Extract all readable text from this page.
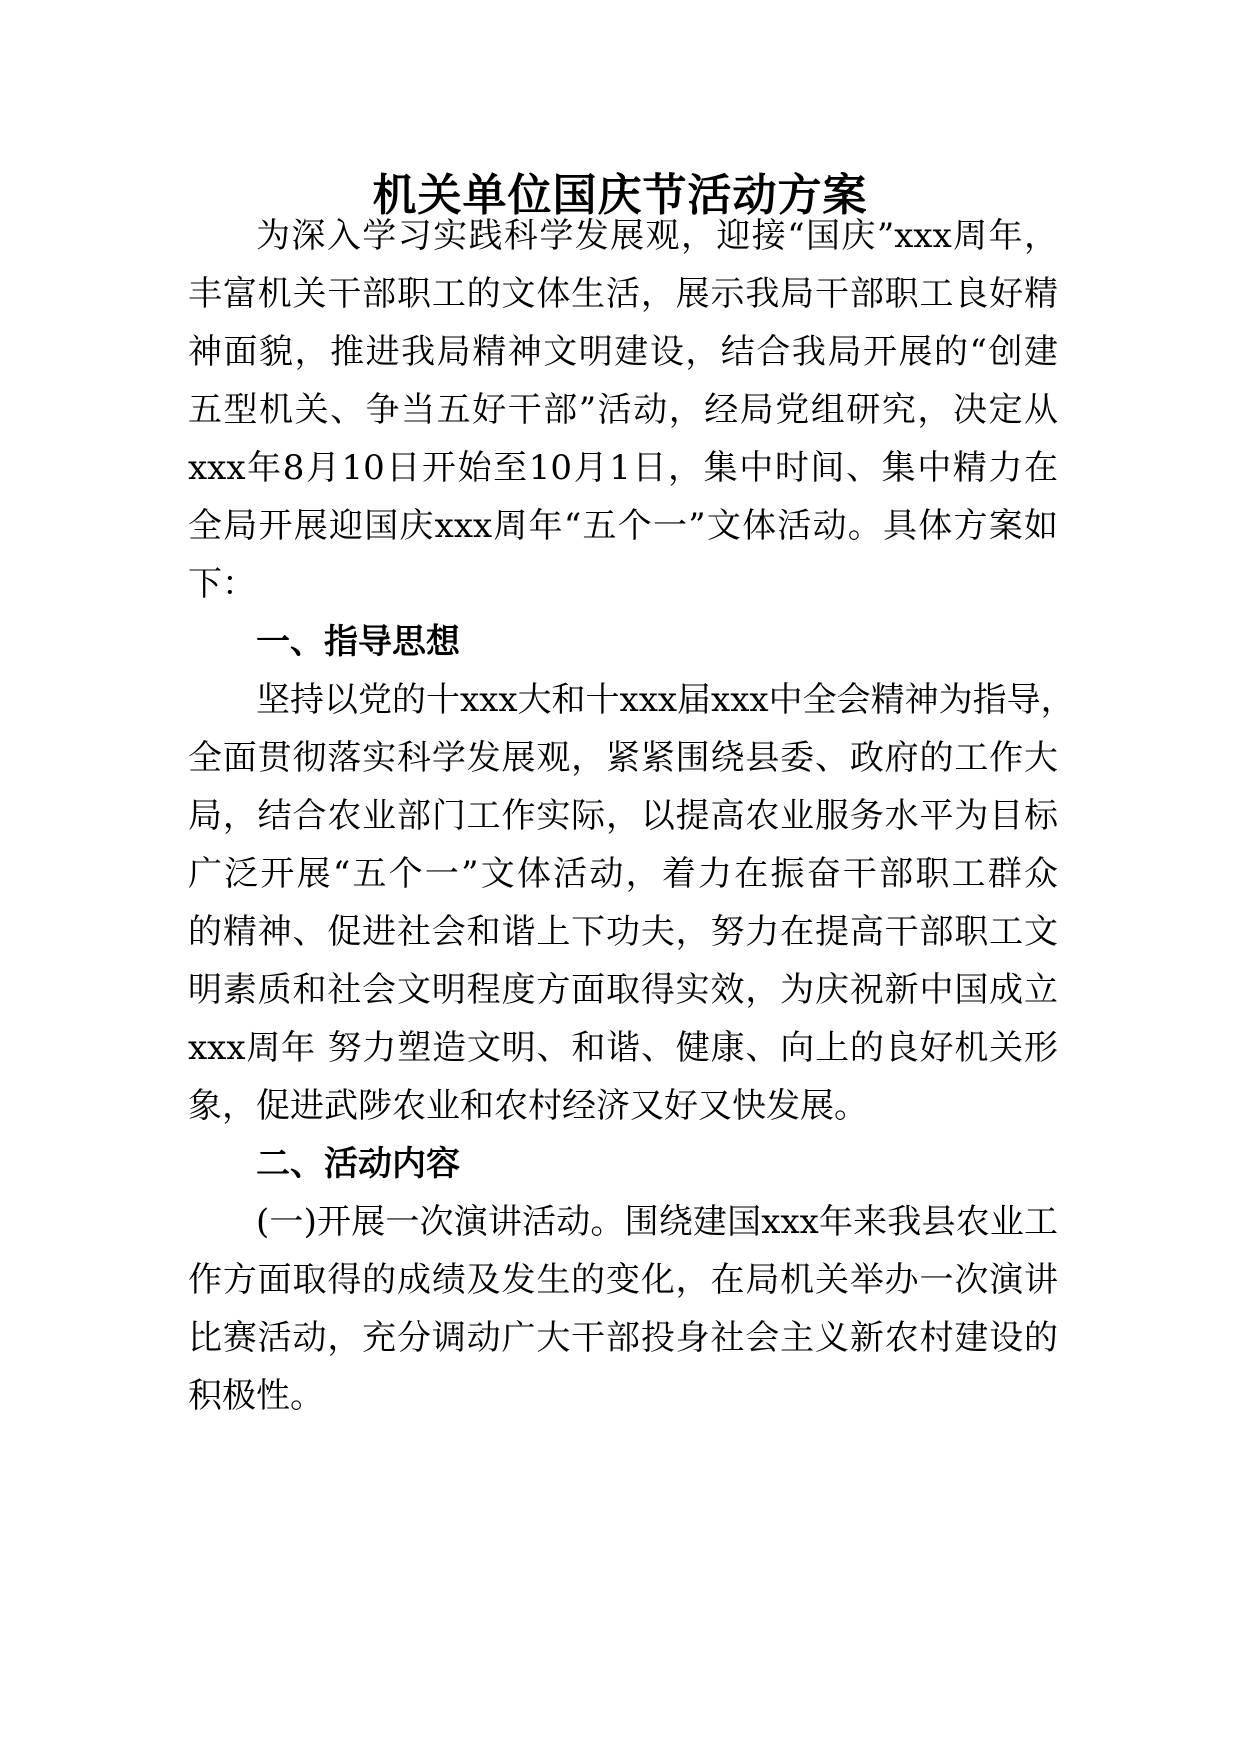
机关单位国庆节活动方案
为深入学习实践科学发展观，迎接“国庆”xxx周年，
丰富机关干部职工的文体生活，展示我局干部职工良好精
神面貌，推进我局精神文明建设，结合我局开展的“创建
五型机关、争当五好干部”活动，经局党组研究，决定从
xxx年8月10日开始至10月1日，集中时间、集中精力在
全局开展迎国庆xxx周年“五个一”文体活动。具体方案如
下：
一、指导思想
坚持以党的十xxx大和十xxx届xxx中全会精神为指导，
全面贯彻落实科学发展观，紧紧围绕县委、政府的工作大
局，结合农业部门工作实际，以提高农业服务水平为目标
广泛开展“五个一”文体活动，着力在振奋干部职工群众
的精神、促进社会和谐上下功夫，努力在提高干部职工文
明素质和社会文明程度方面取得实效，为庆祝新中国成立
xxx周年 努力塑造文明、和谐、健康、向上的良好机关形
象，促进武陟农业和农村经济又好又快发展。
二、活动内容
(一)开展一次演讲活动。围绕建国xxx年来我县农业工
作方面取得的成绩及发生的变化，在局机关举办一次演讲
比赛活动，充分调动广大干部投身社会主义新农村建设的
积极性。
